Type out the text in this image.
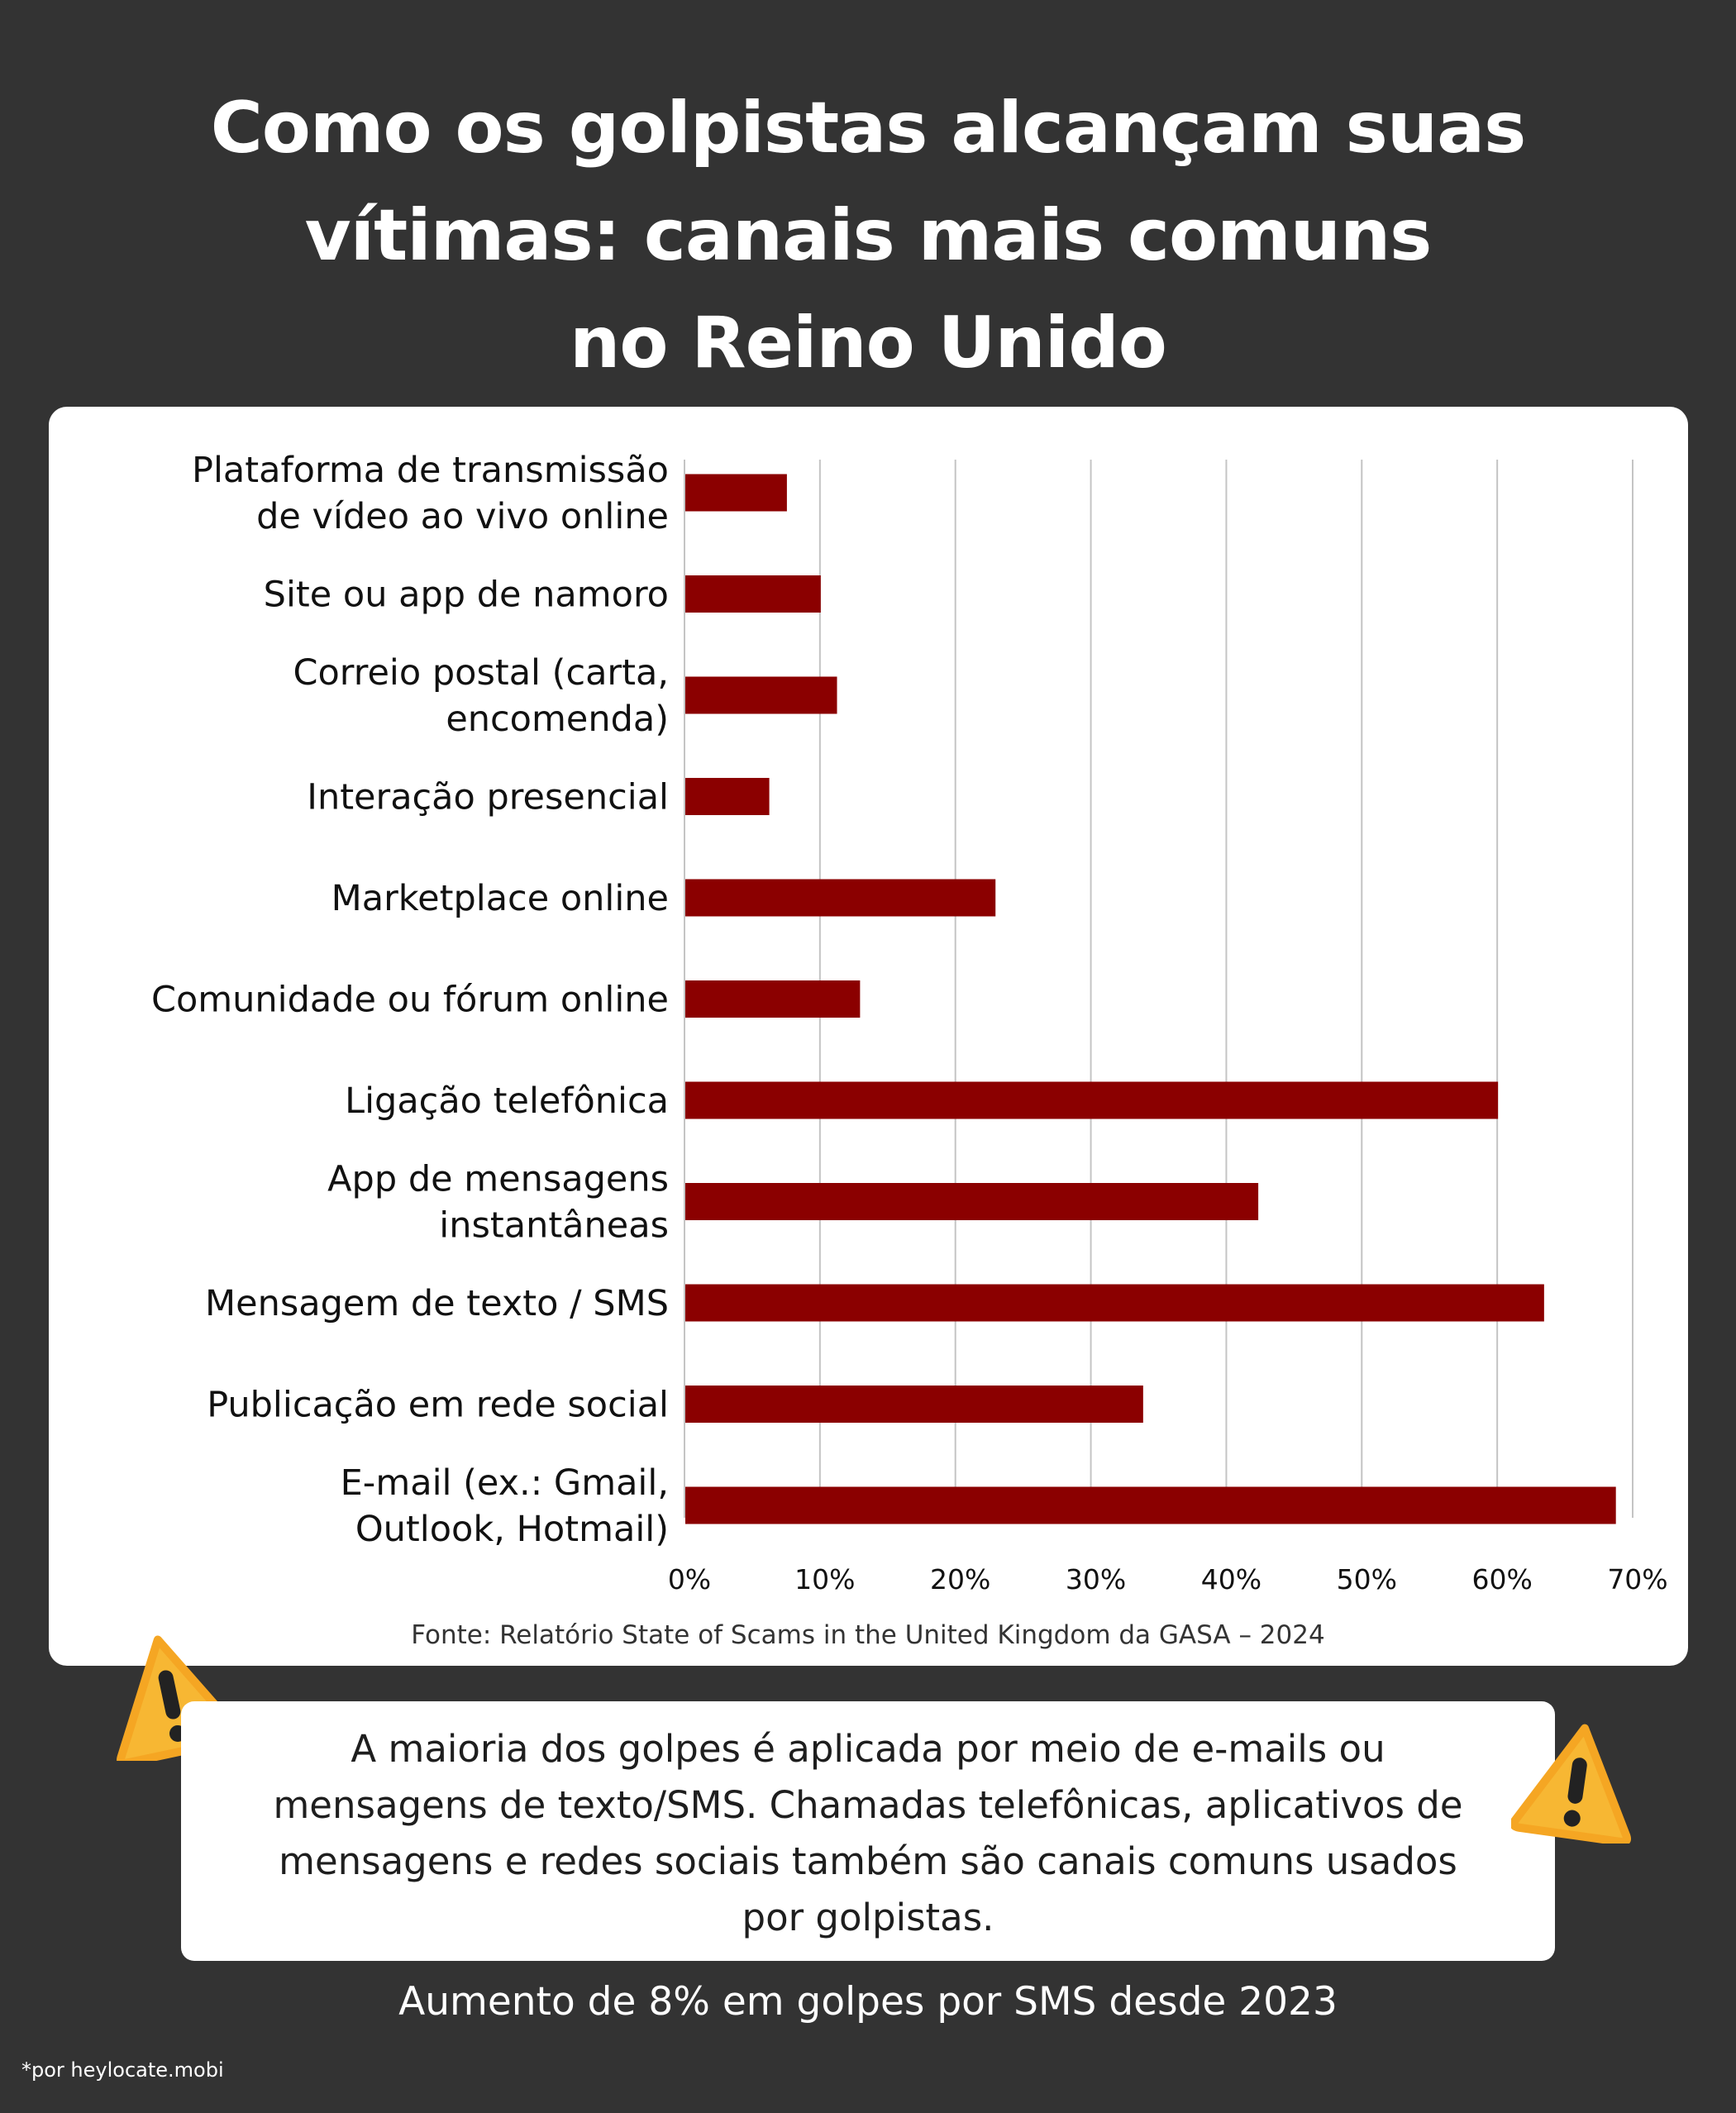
Como os golpistas alcançam suas
vítimas: canais mais comuns
no Reino Unido
0%	10%	20%	30%	40%	50%	60%	70%
Plataforma de transmissão
de vídeo ao vivo online
Site ou app de namoro
Correio postal (carta,
encomenda)
Interação presencial
Marketplace online
Comunidade ou fórum online
Ligação telefônica
App de mensagens
instantâneas
Mensagem de texto / SMS
Publicação em rede social
E-mail (ex.: Gmail,
Outlook, Hotmail)
Fonte: Relatório State of Scams in the United Kingdom da GASA – 2024
A maioria dos golpes é aplicada por meio de e-mails ou
mensagens de texto/SMS. Chamadas telefônicas, aplicativos de
mensagens e redes sociais também são canais comuns usados
por golpistas.
Aumento de 8% em golpes por SMS desde 2023
*por heylocate.mobi
